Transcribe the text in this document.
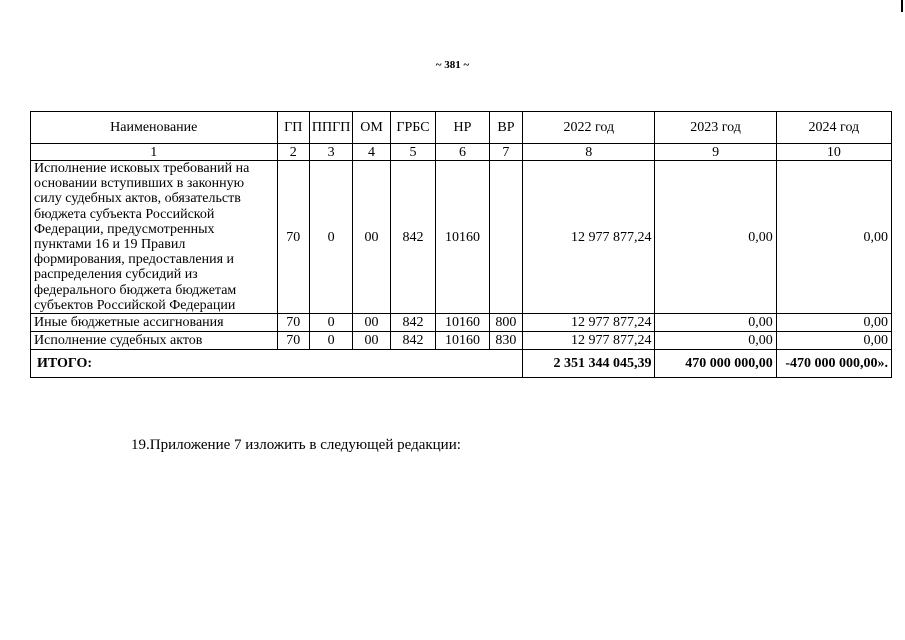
~ 381 ~
Наименование	ГП	ППГП	ОМ	ГРБС	НР	ВР	2022 год	2023 год	2024 год
1	2	3	4	5	6	7	8	9	10
Исполнение исковых требований на основании вступивших в законную силу судебных актов, обязательств бюджета субъекта Российской Федерации, предусмотренных пунктами 16 и 19 Правил формирования, предоставления и распределения субсидий из федерального бюджета бюджетам субъектов Российской Федерации	70	0	00	842	10160		12 977 877,24	0,00	0,00
Иные бюджетные ассигнования	70	0	00	842	10160	800	12 977 877,24	0,00	0,00
Исполнение судебных актов	70	0	00	842	10160	830	12 977 877,24	0,00	0,00
ИТОГО:							2 351 344 045,39	470 000 000,00	-470 000 000,00».
19.Приложение 7 изложить в следующей редакции:
